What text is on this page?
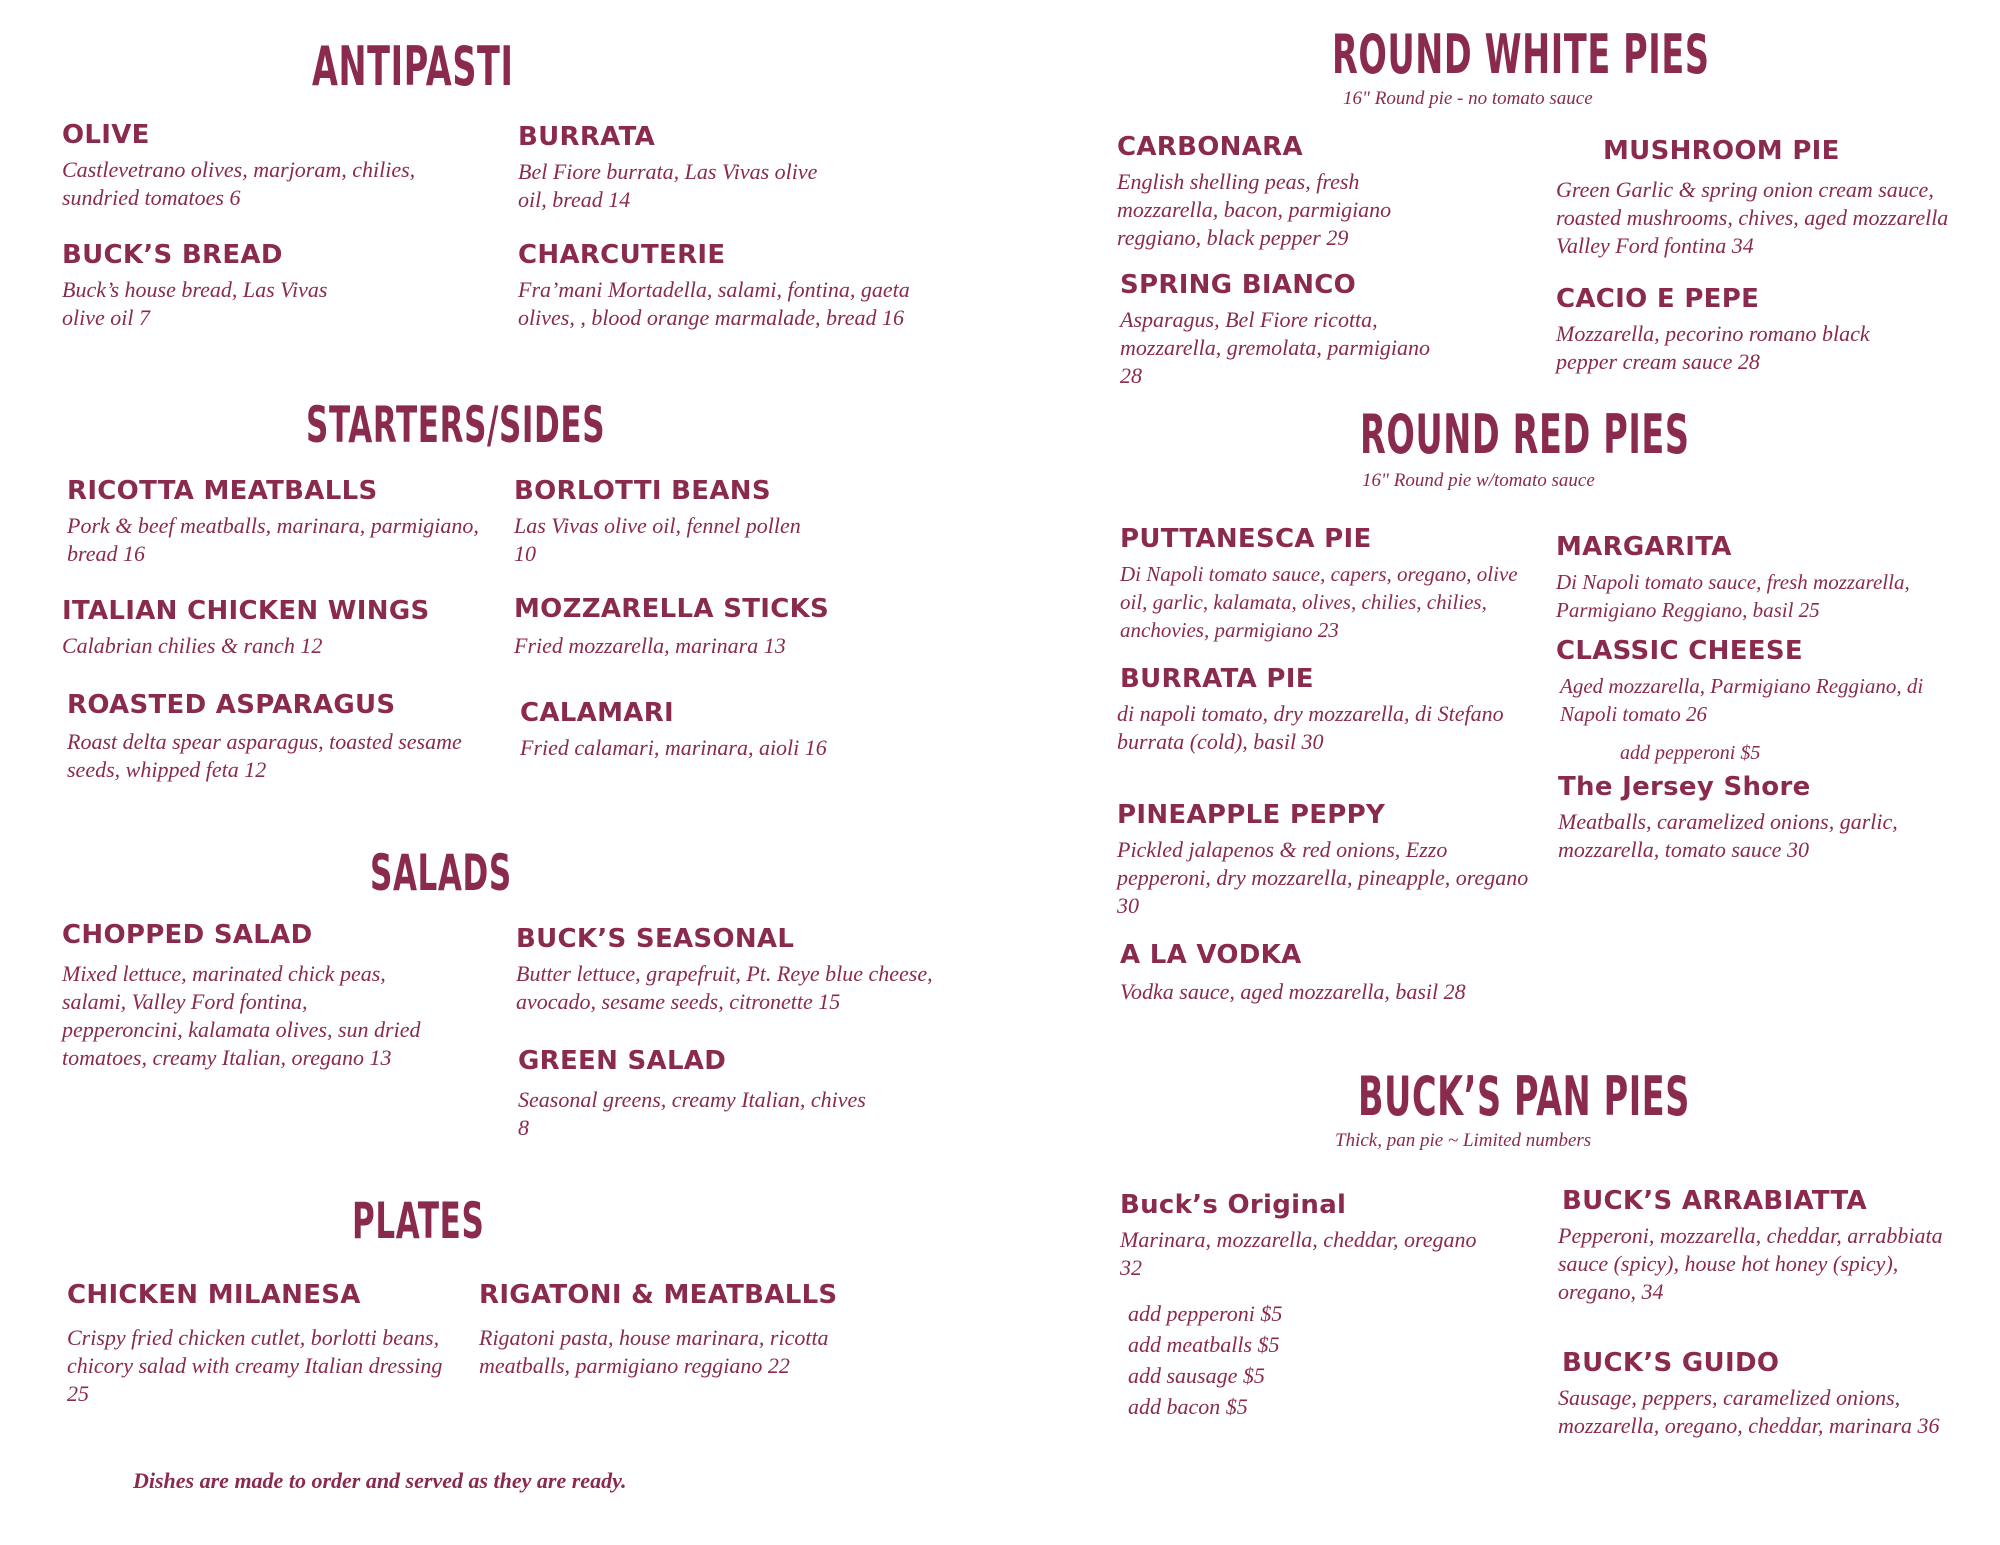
ANTIPASTI
OLIVE
Castlevetrano olives, marjoram, chilies, sundried tomatoes 6
BURRATA
Bel Fiore burrata, Las Vivas olive oil, bread 14
BUCK’S BREAD
Buck’s house bread, Las Vivas olive oil 7
CHARCUTERIE
Fra’mani Mortadella, salami, fontina, gaeta olives, , blood orange marmalade, bread 16
STARTERS/SIDES
RICOTTA MEATBALLS
Pork & beef meatballs, marinara, parmigiano, bread 16
BORLOTTI BEANS
Las Vivas olive oil, fennel pollen 10
ITALIAN CHICKEN WINGS
Calabrian chilies & ranch 12
MOZZARELLA STICKS
Fried mozzarella, marinara 13
ROASTED ASPARAGUS
Roast delta spear asparagus, toasted sesame seeds, whipped feta 12
CALAMARI
Fried calamari, marinara, aioli 16
SALADS
CHOPPED SALAD
Mixed lettuce, marinated chick peas, salami, Valley Ford fontina, pepperoncini, kalamata olives, sun dried tomatoes, creamy Italian, oregano 13
BUCK’S SEASONAL
Butter lettuce, grapefruit, Pt. Reye blue cheese, avocado, sesame seeds, citronette 15
GREEN SALAD
Seasonal greens, creamy Italian, chives 8
PLATES
CHICKEN MILANESA
Crispy fried chicken cutlet, borlotti beans, chicory salad with creamy Italian dressing 25
RIGATONI & MEATBALLS
Rigatoni pasta, house marinara, ricotta meatballs, parmigiano reggiano 22
Dishes are made to order and served as they are ready.
ROUND WHITE PIES
16" Round pie - no tomato sauce
CARBONARA
English shelling peas, fresh mozzarella, bacon, parmigiano reggiano, black pepper 29
MUSHROOM PIE
Green Garlic & spring onion cream sauce, roasted mushrooms, chives, aged mozzarella Valley Ford fontina 34
SPRING BIANCO
Asparagus, Bel Fiore ricotta, mozzarella, gremolata, parmigiano 28
CACIO E PEPE
Mozzarella, pecorino romano black pepper cream sauce 28
ROUND RED PIES
16" Round pie w/tomato sauce
PUTTANESCA PIE
Di Napoli tomato sauce, capers, oregano, olive oil, garlic, kalamata, olives, chilies, chilies, anchovies, parmigiano 23
MARGARITA
Di Napoli tomato sauce, fresh mozzarella, Parmigiano Reggiano, basil 25
CLASSIC CHEESE
Aged mozzarella, Parmigiano Reggiano, di Napoli tomato 26
add pepperoni $5
BURRATA PIE
di napoli tomato, dry mozzarella, di Stefano burrata (cold), basil 30
The Jersey Shore
Meatballs, caramelized onions, garlic, mozzarella, tomato sauce 30
PINEAPPLE PEPPY
Pickled jalapenos & red onions, Ezzo pepperoni, dry mozzarella, pineapple, oregano 30
A LA VODKA
Vodka sauce, aged mozzarella, basil 28
BUCK’S PAN PIES
Thick, pan pie ~ Limited numbers
Buck’s Original
Marinara, mozzarella, cheddar, oregano 32
add pepperoni $5
add meatballs $5
add sausage $5
add bacon $5
BUCK’S ARRABIATTA
Pepperoni, mozzarella, cheddar, arrabbiata sauce (spicy), house hot honey (spicy), oregano, 34
BUCK’S GUIDO
Sausage, peppers, caramelized onions, mozzarella, oregano, cheddar, marinara 36
